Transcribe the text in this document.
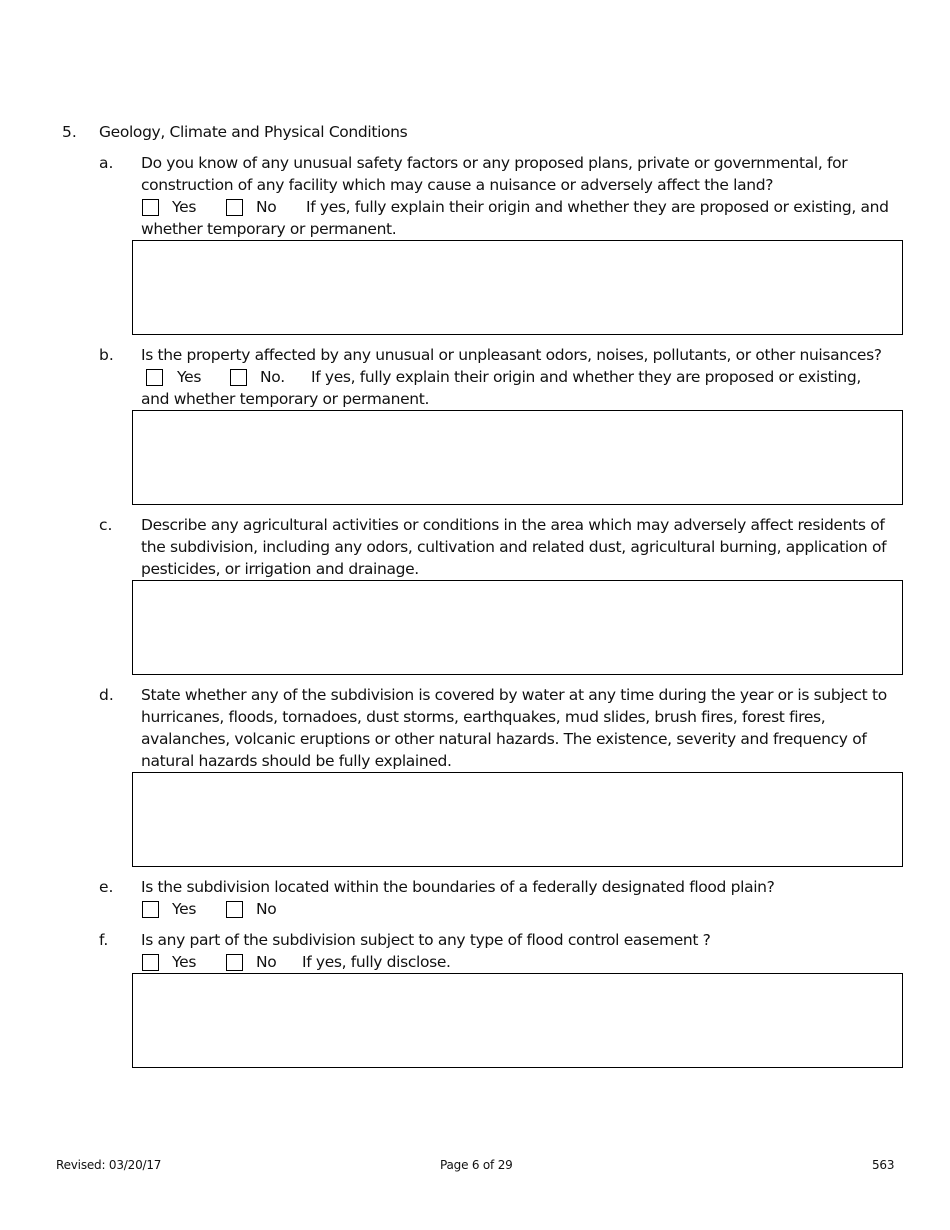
5. Geology, Climate and Physical Conditions
a. Do you know of any unusual safety factors or any proposed plans, private or governmental, for
construction of any facility which may cause a nuisance or adversely affect the land?
Yes	No If yes, fully explain their origin and whether they are proposed or existing, and
whether temporary or permanent.
b. Is the property affected by any unusual or unpleasant odors, noises, pollutants, or other nuisances?
Yes	No. If yes, fully explain their origin and whether they are proposed or existing,
and whether temporary or permanent.
c. Describe any agricultural activities or conditions in the area which may adversely affect residents of
the subdivision, including any odors, cultivation and related dust, agricultural burning, application of
pesticides, or irrigation and drainage.
d. State whether any of the subdivision is covered by water at any time during the year or is subject to
hurricanes, floods, tornadoes, dust storms, earthquakes, mud slides, brush fires, forest fires,
avalanches, volcanic eruptions or other natural hazards. The existence, severity and frequency of
natural hazards should be fully explained.
e. Is the subdivision located within the boundaries of a federally designated flood plain?
Yes	No
f. Is any part of the subdivision subject to any type of flood control easement ?
Yes	No If yes, fully disclose.
Revised: 03/20/17	Page 6 of 29	563
